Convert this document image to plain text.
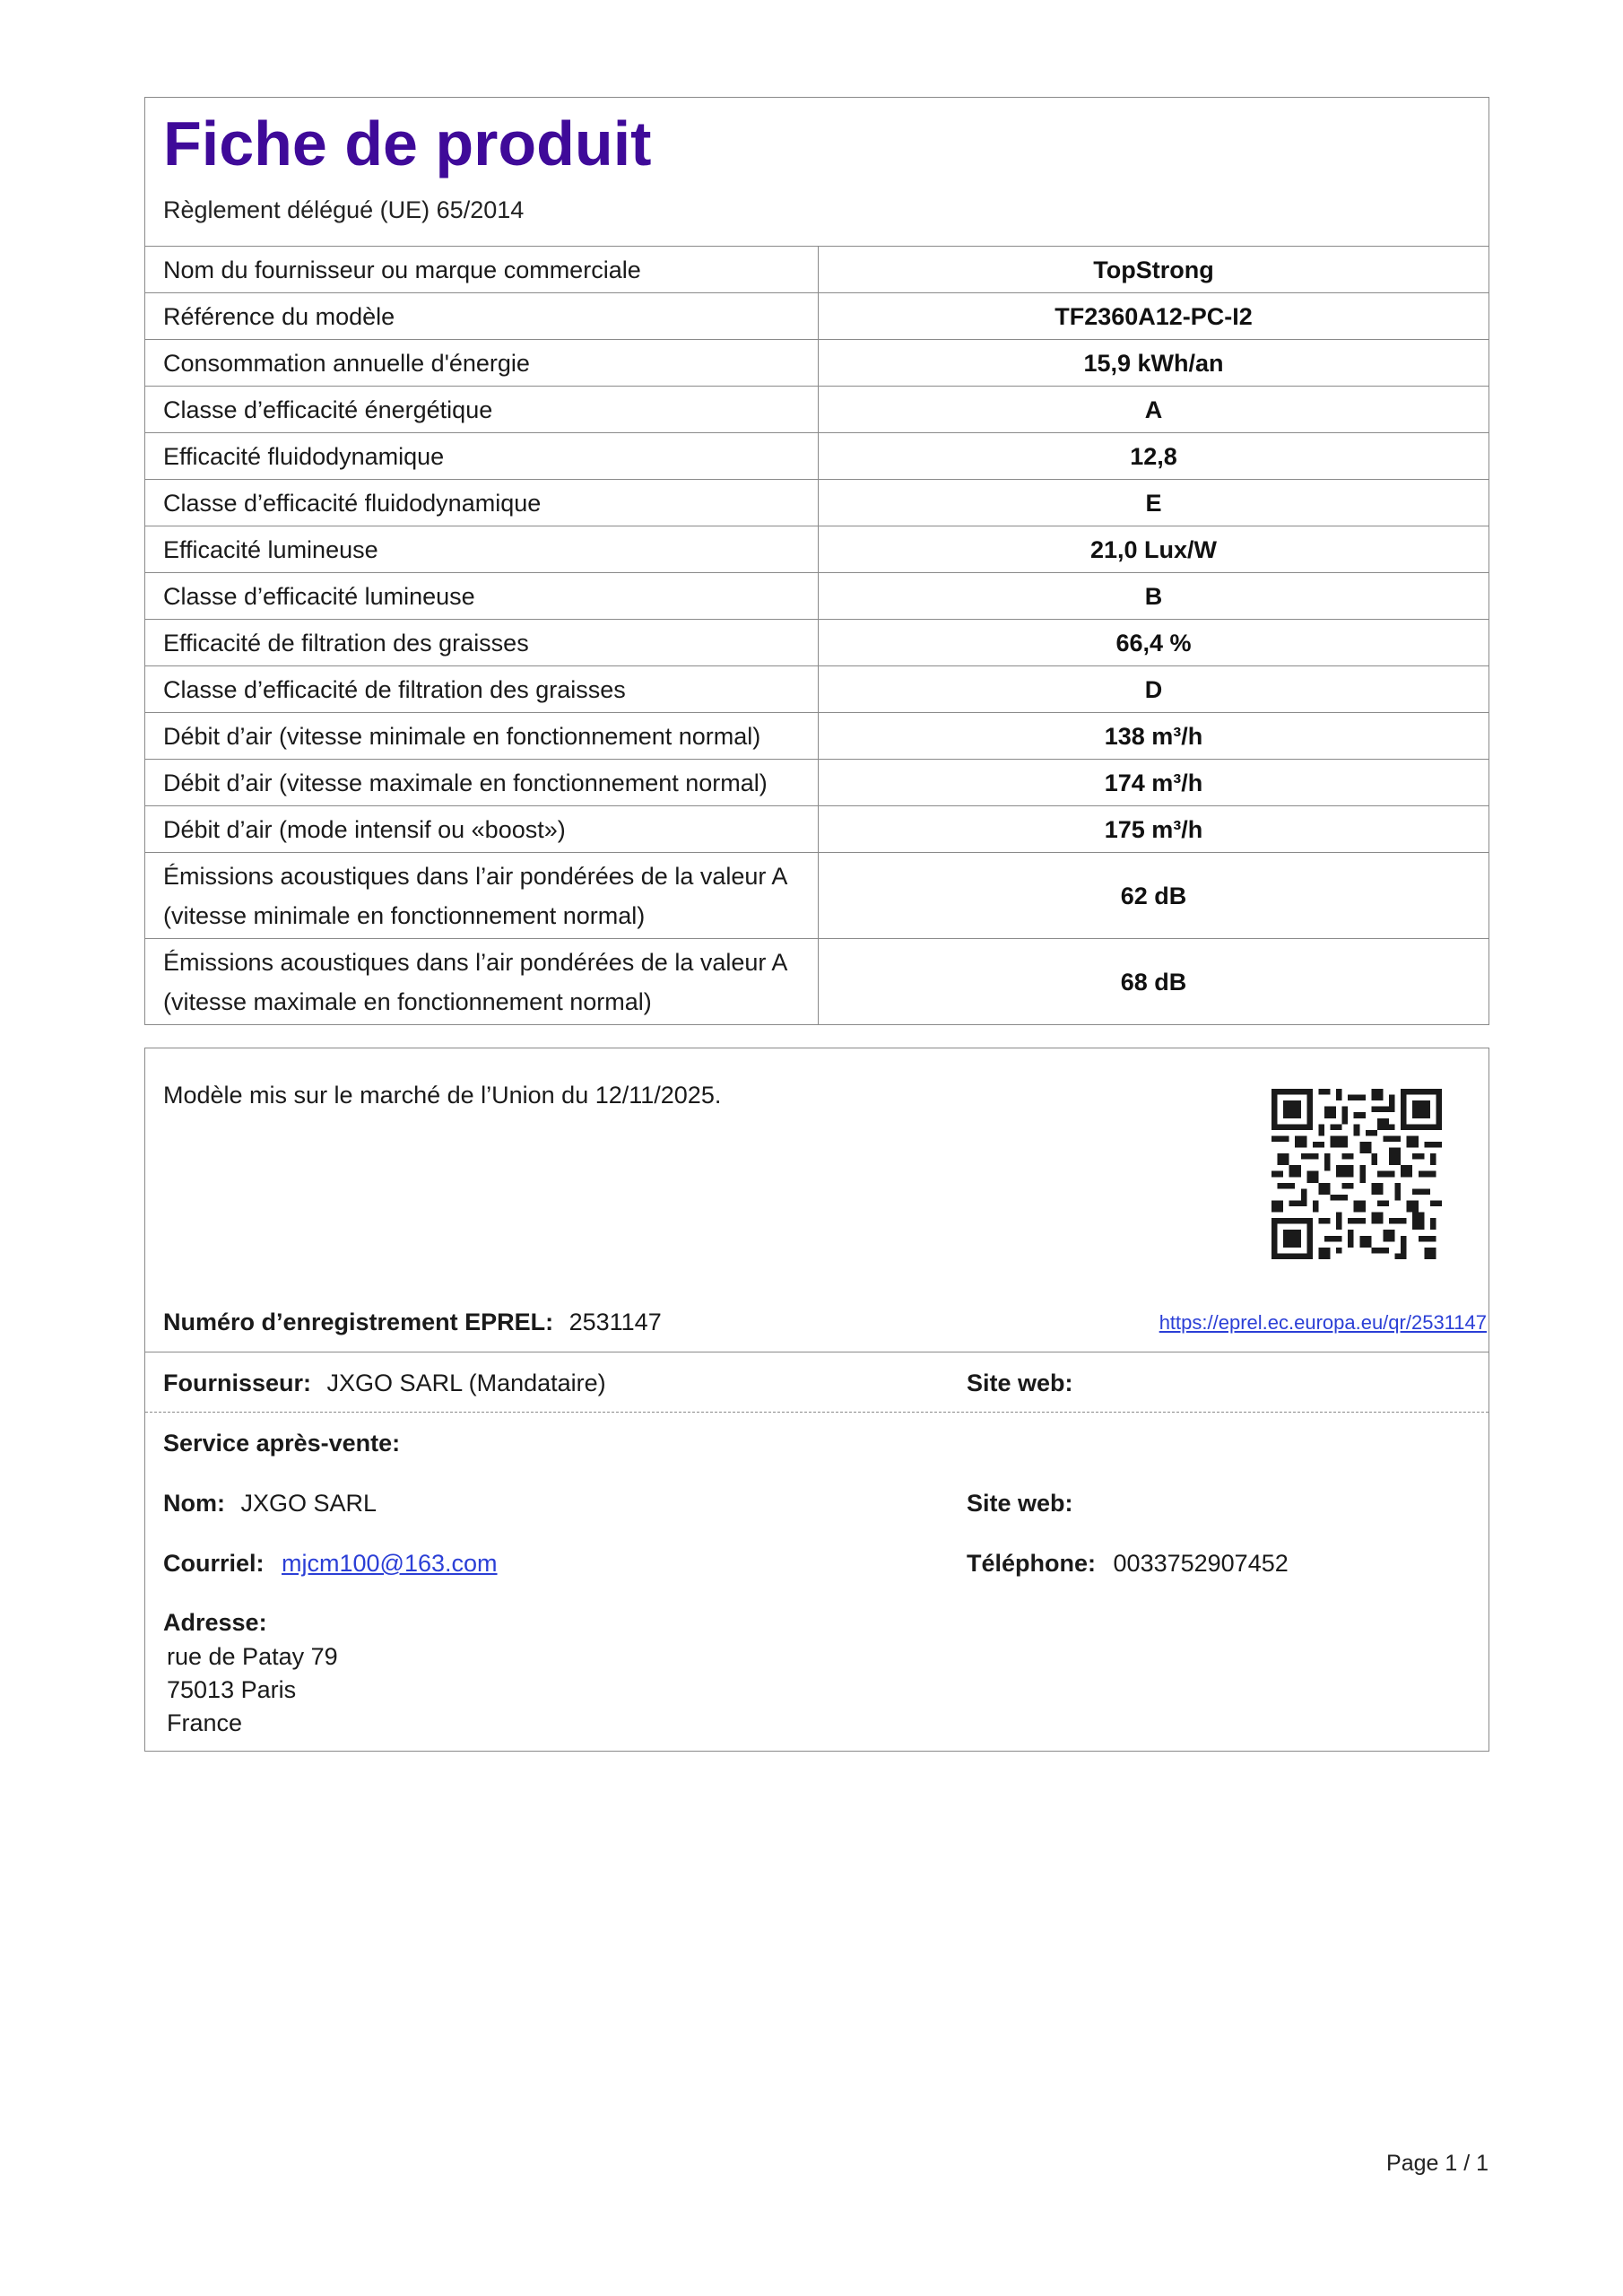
Fiche de produit
Règlement délégué (UE) 65/2014
Nom du fournisseur ou marque commerciale	TopStrong
Référence du modèle	TF2360A12-PC-I2
Consommation annuelle d'énergie	15,9 kWh/an
Classe d’efficacité énergétique	A
Efficacité fluidodynamique	12,8
Classe d’efficacité fluidodynamique	E
Efficacité lumineuse	21,0 Lux/W
Classe d’efficacité lumineuse	B
Efficacité de filtration des graisses	66,4 %
Classe d’efficacité de filtration des graisses	D
Débit d’air (vitesse minimale en fonctionnement normal)	138 m³/h
Débit d’air (vitesse maximale en fonctionnement normal)	174 m³/h
Débit d’air (mode intensif ou «boost»)	175 m³/h

Émissions acoustiques dans l’air pondérées de la valeur A
(vitesse minimale en fonctionnement normal)	62 dB

Émissions acoustiques dans l’air pondérées de la valeur A
(vitesse maximale en fonctionnement normal)	68 dB
Modèle mis sur le marché de l’Union du 12/11/2025.
Numéro d’enregistrement EPREL: 2531147	https://eprel.ec.europa.eu/qr/2531147
Fournisseur: JXGO SARL (Mandataire)	Site web:
Service après-vente:
Nom: JXGO SARL	Site web:
Courriel: mjcm100@163.com	Téléphone: 0033752907452
Adresse:
rue de Patay 79
75013 Paris
France
Page 1 / 1
